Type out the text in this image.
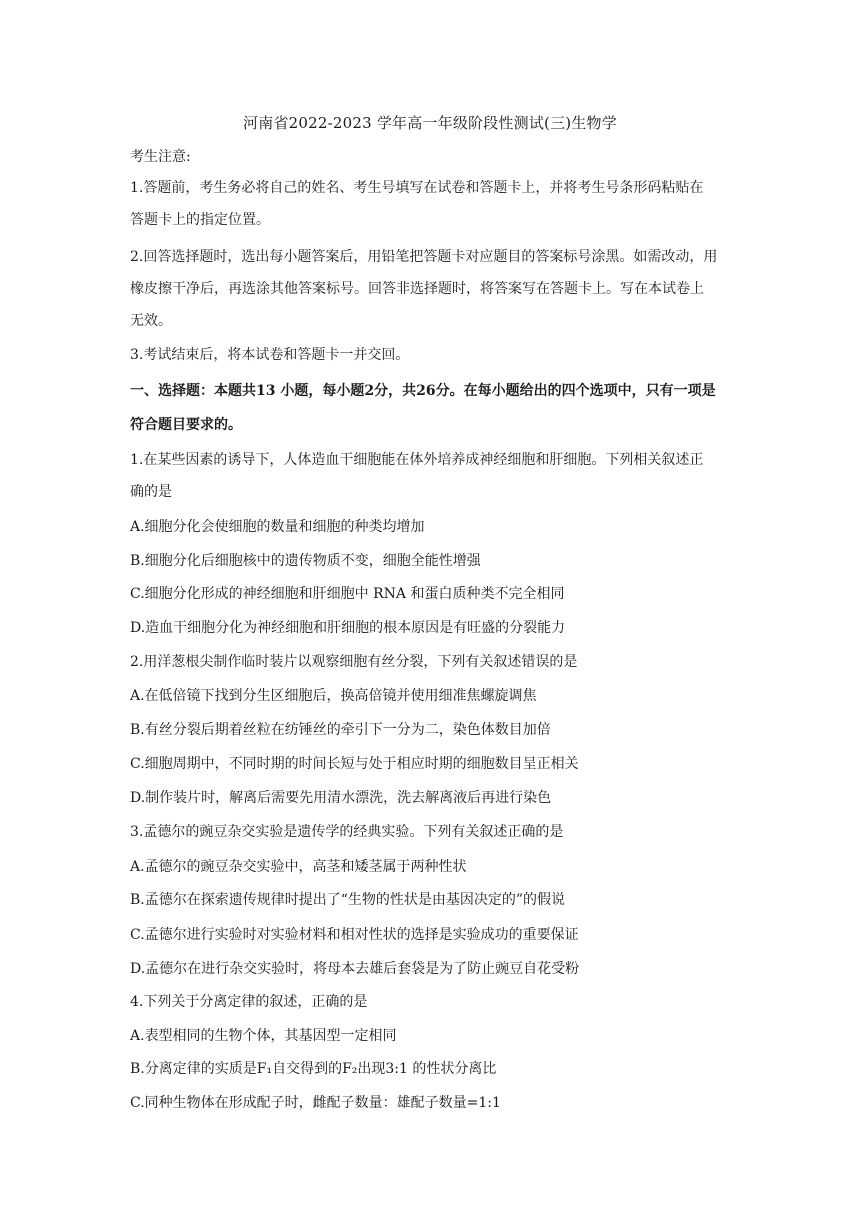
河南省2022-2023 学年高一年级阶段性测试(三)生物学
考生注意:
1.答题前，考生务必将自己的姓名、考生号填写在试卷和答题卡上，并将考生号条形码粘贴在
答题卡上的指定位置。
2.回答选择题时，选出每小题答案后，用铅笔把答题卡对应题目的答案标号涂黑。如需改动，用
橡皮擦干净后，再选涂其他答案标号。回答非选择题时，将答案写在答题卡上。写在本试卷上
无效。
3.考试结束后，将本试卷和答题卡一并交回。
一、选择题：本题共13 小题，每小题2分，共26分。在每小题给出的四个选项中，只有一项是
符合题目要求的。
1.在某些因素的诱导下，人体造血干细胞能在体外培养成神经细胞和肝细胞。下列相关叙述正
确的是
A.细胞分化会使细胞的数量和细胞的种类均增加
B.细胞分化后细胞核中的遗传物质不变，细胞全能性增强
C.细胞分化形成的神经细胞和肝细胞中 RNA 和蛋白质种类不完全相同
D.造血干细胞分化为神经细胞和肝细胞的根本原因是有旺盛的分裂能力
2.用洋葱根尖制作临时装片以观察细胞有丝分裂，下列有关叙述错误的是
A.在低倍镜下找到分生区细胞后，换高倍镜并使用细准焦螺旋调焦
B.有丝分裂后期着丝粒在纺锤丝的牵引下一分为二，染色体数目加倍
C.细胞周期中，不同时期的时间长短与处于相应时期的细胞数目呈正相关
D.制作装片时，解离后需要先用清水漂洗，洗去解离液后再进行染色
3.孟德尔的豌豆杂交实验是遗传学的经典实验。下列有关叙述正确的是
A.孟德尔的豌豆杂交实验中，高茎和矮茎属于两种性状
B.孟德尔在探索遗传规律时提出了“生物的性状是由基因决定的”的假说
C.孟德尔进行实验时对实验材料和相对性状的选择是实验成功的重要保证
D.孟德尔在进行杂交实验时，将母本去雄后套袋是为了防止豌豆自花受粉
4.下列关于分离定律的叙述，正确的是
A.表型相同的生物个体，其基因型一定相同
B.分离定律的实质是F₁自交得到的F₂出现3:1 的性状分离比
C.同种生物体在形成配子时，雌配子数量：雄配子数量=1:1
